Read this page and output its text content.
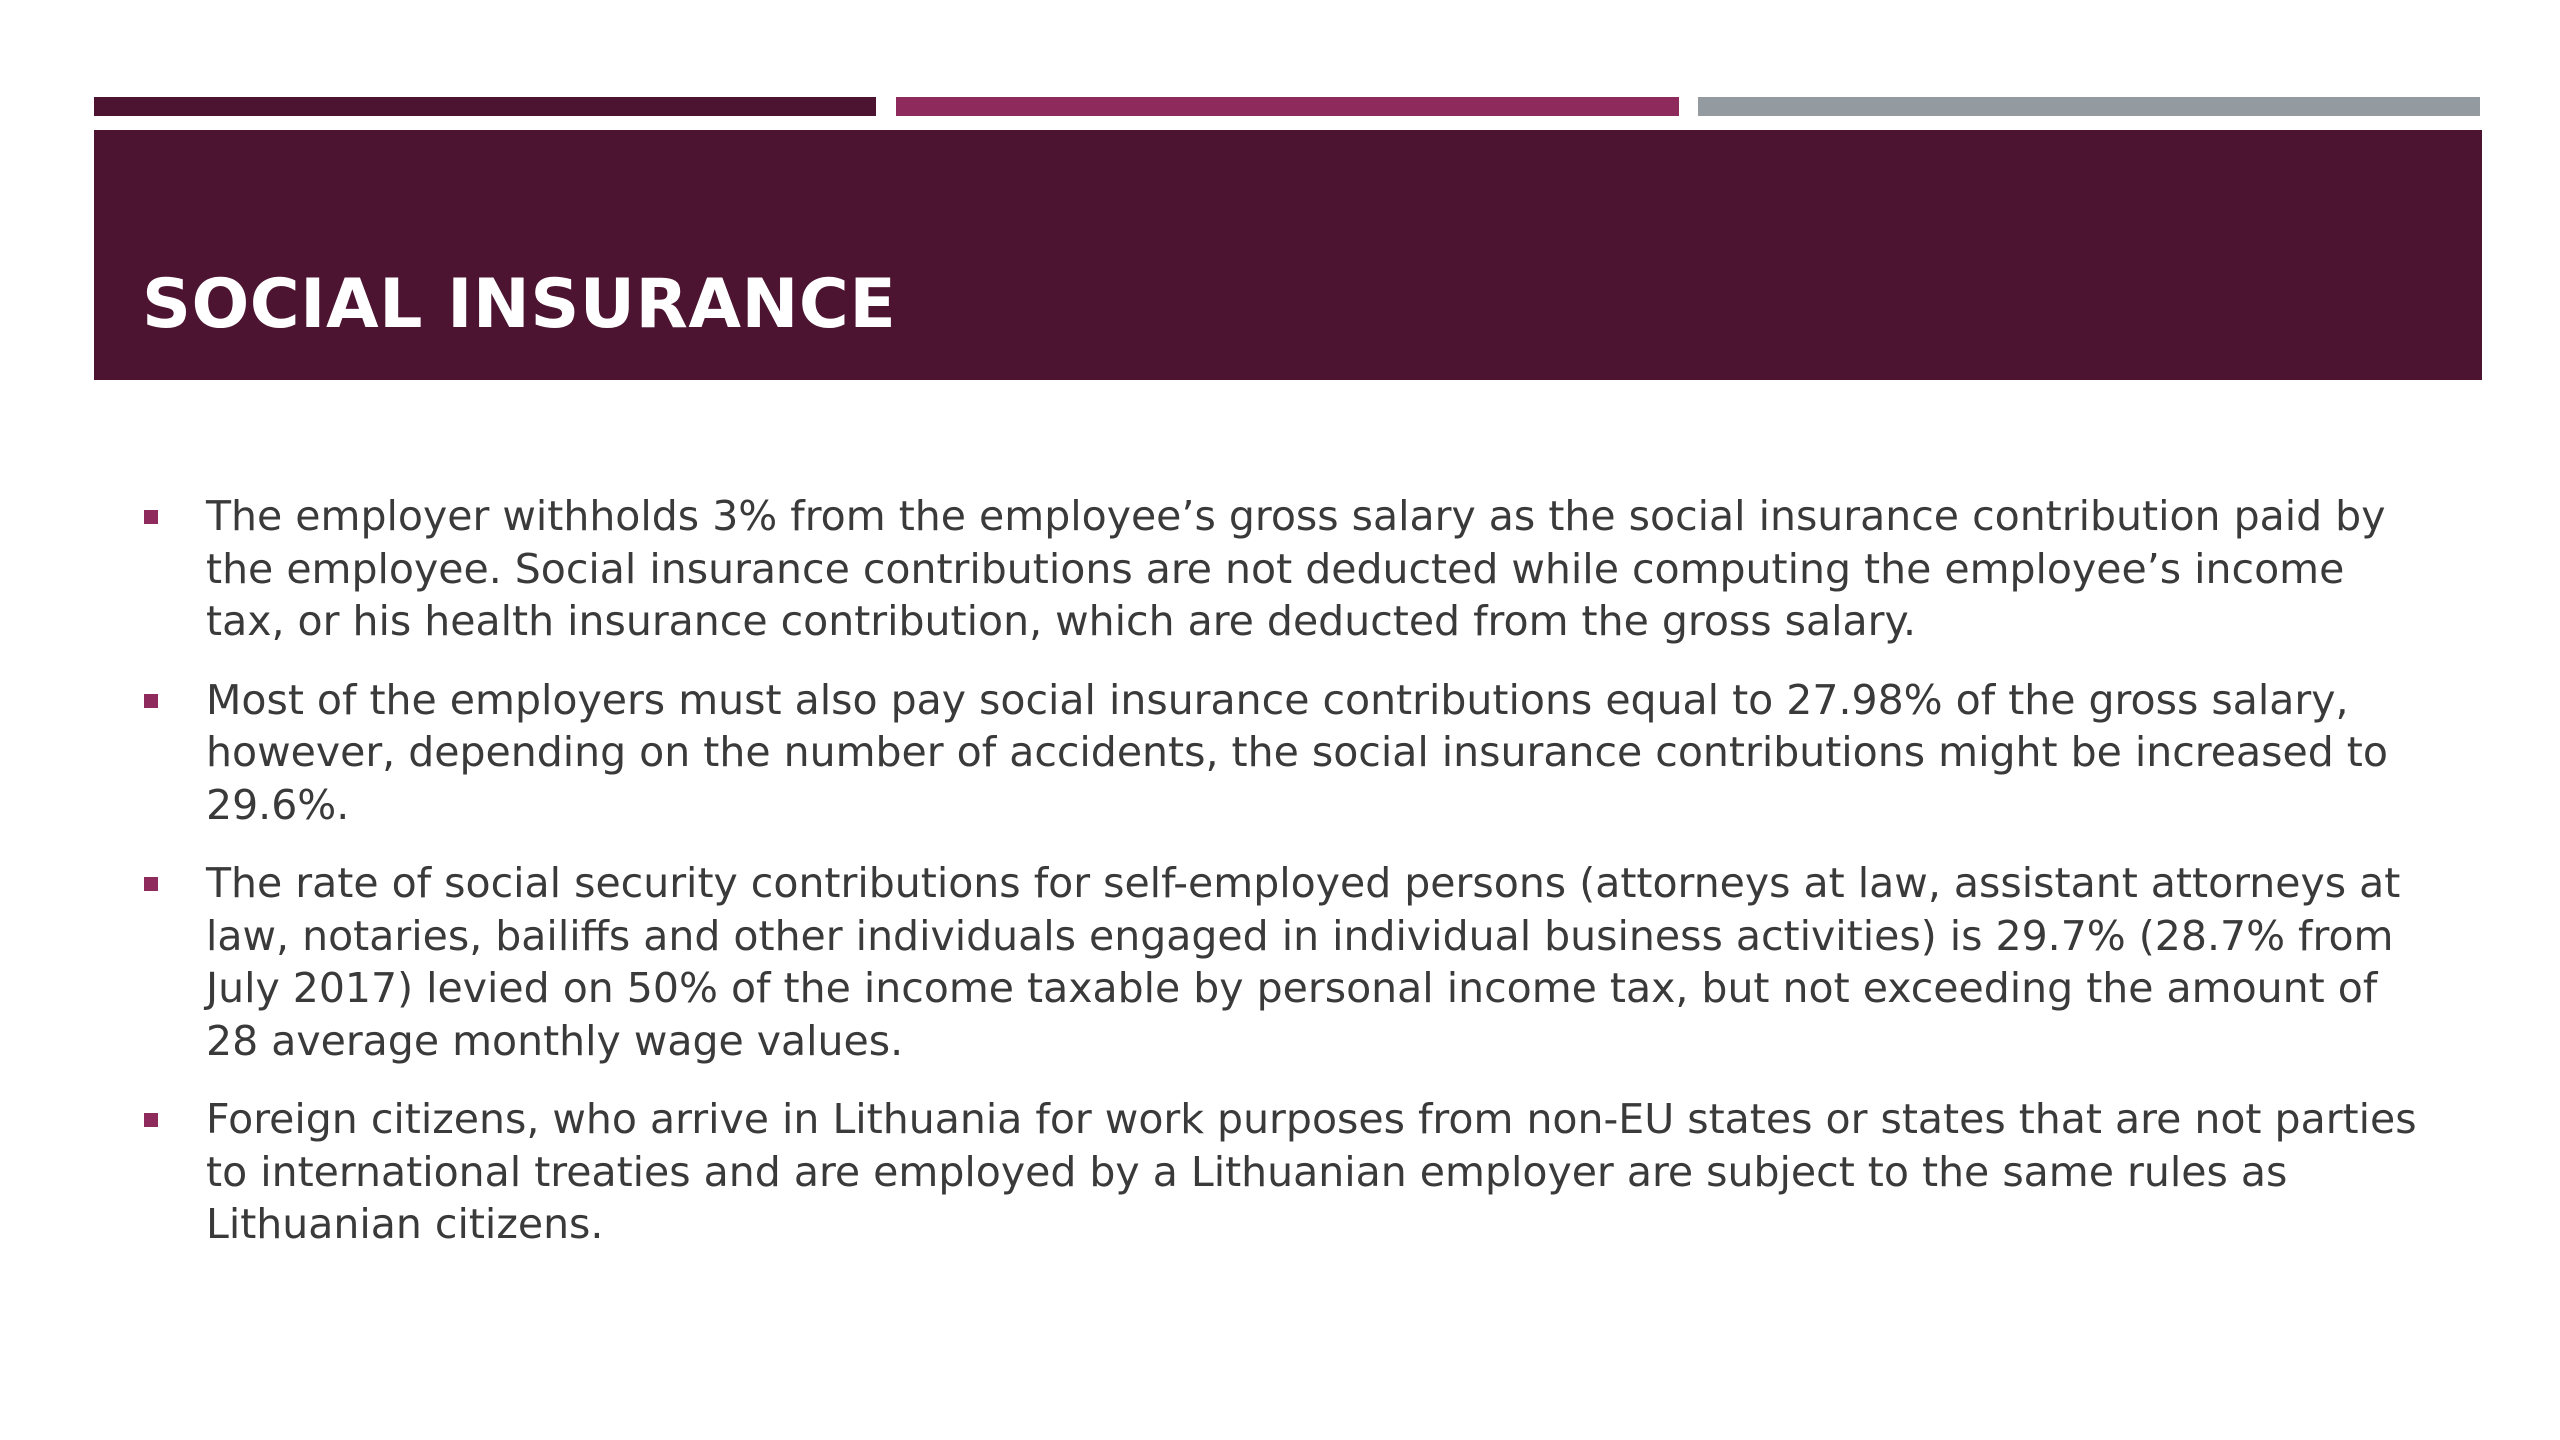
SOCIAL INSURANCE
The employer withholds 3% from the employee’s gross salary as the social insurance contribution paid by the employee. Social insurance contributions are not deducted while computing the employee’s income tax, or his health insurance contribution, which are deducted from the gross salary.
Most of the employers must also pay social insurance contributions equal to 27.98% of the gross salary, however, depending on the number of accidents, the social insurance contributions might be increased to 29.6%.
The rate of social security contributions for self-employed persons (attorneys at law, assistant attorneys at law, notaries, bailiffs and other individuals engaged in individual business activities) is 29.7% (28.7% from July 2017) levied on 50% of the income taxable by personal income tax, but not exceeding the amount of 28 average monthly wage values.
Foreign citizens, who arrive in Lithuania for work purposes from non-EU states or states that are not parties to international treaties and are employed by a Lithuanian employer are subject to the same rules as Lithuanian citizens.
